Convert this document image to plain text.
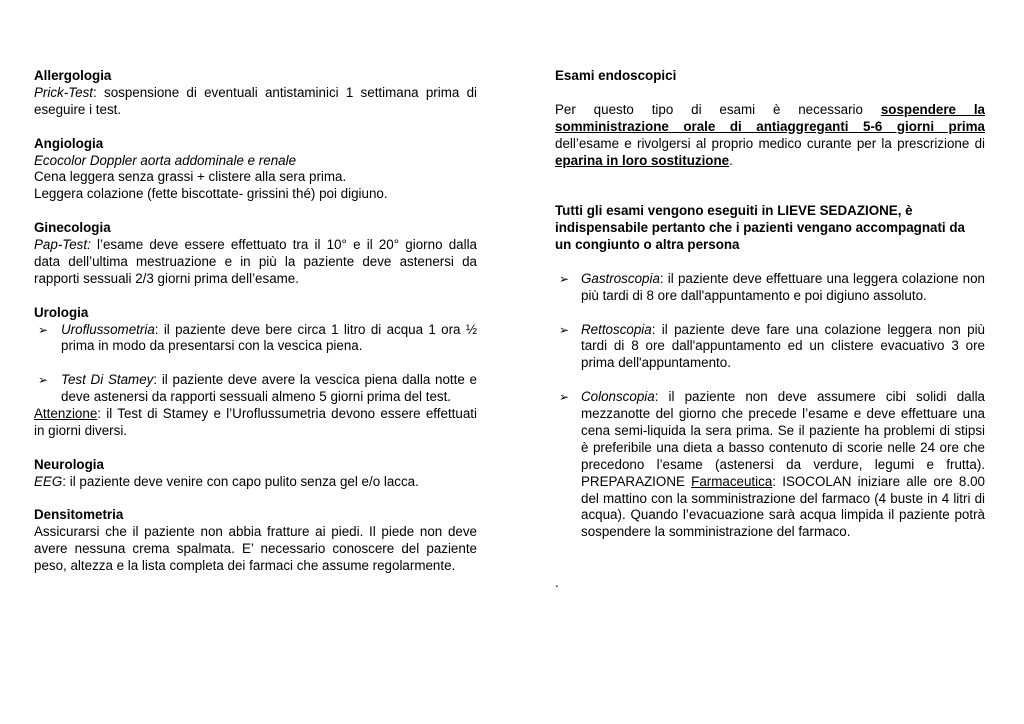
Allergologia

Prick-Test: sospensione di eventuali antistaminici 1 settimana prima di eseguire i test.

Angiologia

Ecocolor Doppler aorta addominale e renale

Cena leggera senza grassi + clistere alla sera prima.

Leggera colazione (fette biscottate- grissini thé) poi digiuno.

Ginecologia

Pap-Test: l’esame deve essere effettuato tra il 10° e il 20° giorno dalla data dell’ultima mestruazione e in più la paziente deve astenersi da rapporti sessuali 2/3 giorni prima dell’esame.

Urologia

➢ Uroflussometria: il paziente deve bere circa 1 litro di acqua 1 ora ½ prima in modo da presentarsi con la vescica piena.
➢ Test Di Stamey: il paziente deve avere la vescica piena dalla notte e deve astenersi da rapporti sessuali almeno 5 giorni prima del test.

Attenzione: il Test di Stamey e l’Uroflussumetria devono essere effettuati in giorni diversi.

Neurologia

EEG: il paziente deve venire con capo pulito senza gel e/o lacca.

Densitometria

Assicurarsi che il paziente non abbia fratture ai piedi. Il piede non deve avere nessuna crema spalmata. E’ necessario conoscere del paziente peso, altezza e la lista completa dei farmaci che assume regolarmente.

Esami endoscopici

Per questo tipo di esami è necessario sospendere la somministrazione orale di antiaggreganti 5-6 giorni prima dell’esame e rivolgersi al proprio medico curante per la prescrizione di eparina in loro sostituzione.

Tutti gli esami vengono eseguiti in LIEVE SEDAZIONE, è indispensabile pertanto che i pazienti vengano accompagnati da un congiunto o altra persona

➢ Gastroscopia: il paziente deve effettuare una leggera colazione non più tardi di 8 ore dall'appuntamento e poi digiuno assoluto.
➢ Rettoscopia: il paziente deve fare una colazione leggera non più tardi di 8 ore dall'appuntamento ed un clistere evacuativo 3 ore prima dell'appuntamento.
➢ Colonscopia: il paziente non deve assumere cibi solidi dalla mezzanotte del giorno che precede l’esame e deve effettuare una cena semi-liquida la sera prima. Se il paziente ha problemi di stipsi è preferibile una dieta a basso contenuto di scorie nelle 24 ore che precedono l’esame (astenersi da verdure, legumi e frutta). PREPARAZIONE Farmaceutica: ISOCOLAN iniziare alle ore 8.00 del mattino con la somministrazione del farmaco (4 buste in 4 litri di acqua). Quando l’evacuazione sarà acqua limpida il paziente potrà sospendere la somministrazione del farmaco.

.
